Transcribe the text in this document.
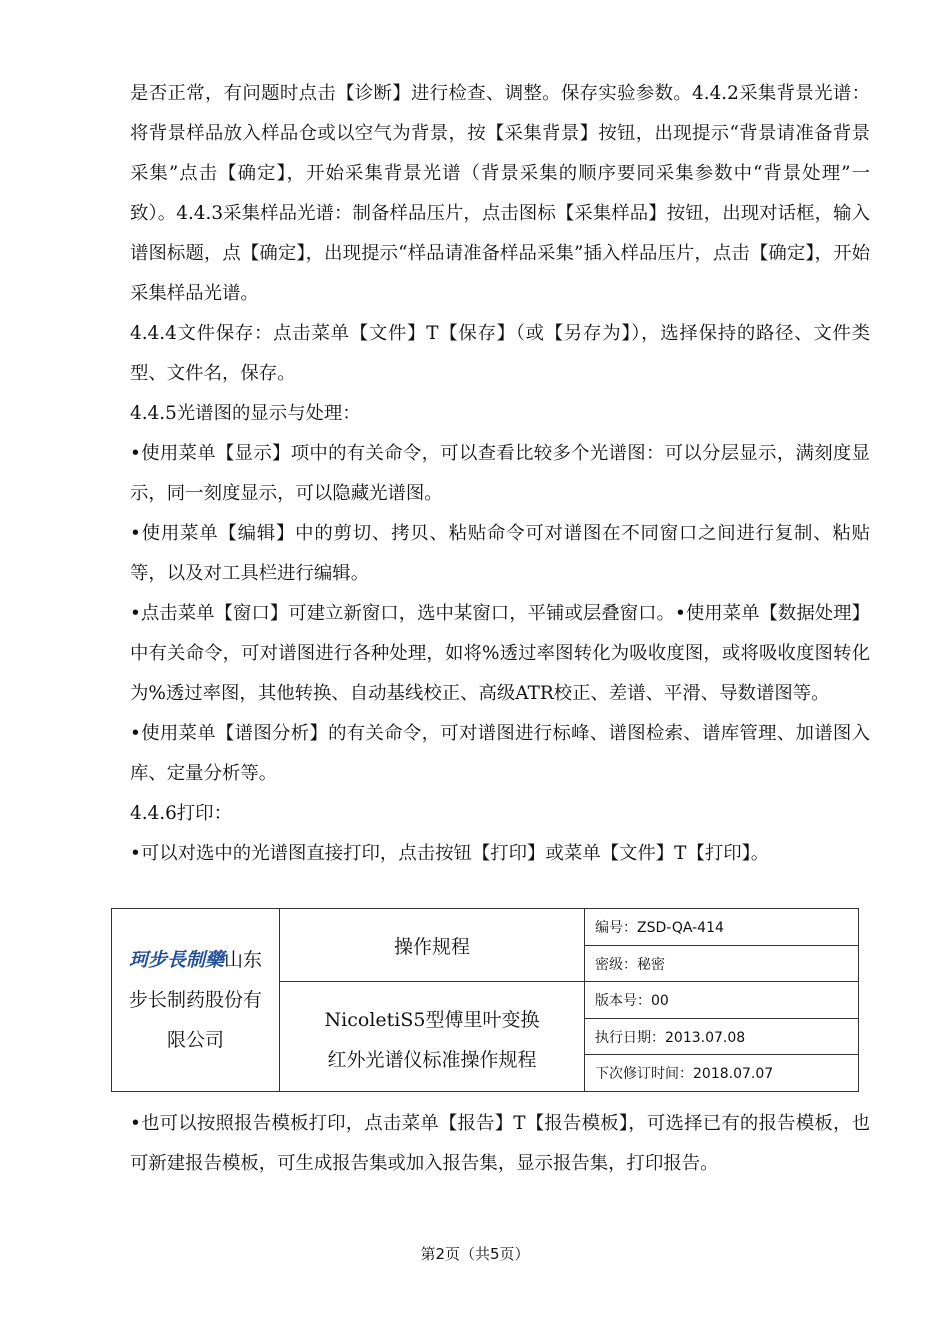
是否正常，有问题时点击【诊断】进行检查、调整。保存实验参数。4.4.2采集背景光谱：将背景样品放入样品仓或以空气为背景，按【采集背景】按钮，出现提示“背景请准备背景采集”点击【确定】，开始采集背景光谱（背景采集的顺序要同采集参数中“背景处理”一致）。4.4.3采集样品光谱：制备样品压片，点击图标【采集样品】按钮，出现对话框，输入谱图标题，点【确定】，出现提示“样品请准备样品采集”插入样品压片，点击【确定】，开始采集样品光谱。

4.4.4文件保存：点击菜单【文件】T【保存】（或【另存为】），选择保持的路径、文件类型、文件名，保存。

4.4.5光谱图的显示与处理：

•使用菜单【显示】项中的有关命令，可以查看比较多个光谱图：可以分层显示，满刻度显示，同一刻度显示，可以隐藏光谱图。

•使用菜单【编辑】中的剪切、拷贝、粘贴命令可对谱图在不同窗口之间进行复制、粘贴等，以及对工具栏进行编辑。

•点击菜单【窗口】可建立新窗口，选中某窗口，平铺或层叠窗口。•使用菜单【数据处理】中有关命令，可对谱图进行各种处理，如将%透过率图转化为吸收度图，或将吸收度图转化为%透过率图，其他转换、自动基线校正、高级ATR校正、差谱、平滑、导数谱图等。

•使用菜单【谱图分析】的有关命令，可对谱图进行标峰、谱图检索、谱库管理、加谱图入库、定量分析等。

4.4.6打印：

•可以对选中的光谱图直接打印，点击按钮【打印】或菜单【文件】T【打印】。

珂步長制藥山东
步长制药股份有
限公司	操作规程	编号：ZSD-QA-414
		密级：秘密

	NicoletiS5型傅里叶变换
红外光谱仪标准操作规程	版本号：00
		执行日期：2013.07.08
		下次修订时间：2018.07.07

•也可以按照报告模板打印，点击菜单【报告】T【报告模板】，可选择已有的报告模板，也可新建报告模板，可生成报告集或加入报告集，显示报告集，打印报告。

第2页（共5页）
